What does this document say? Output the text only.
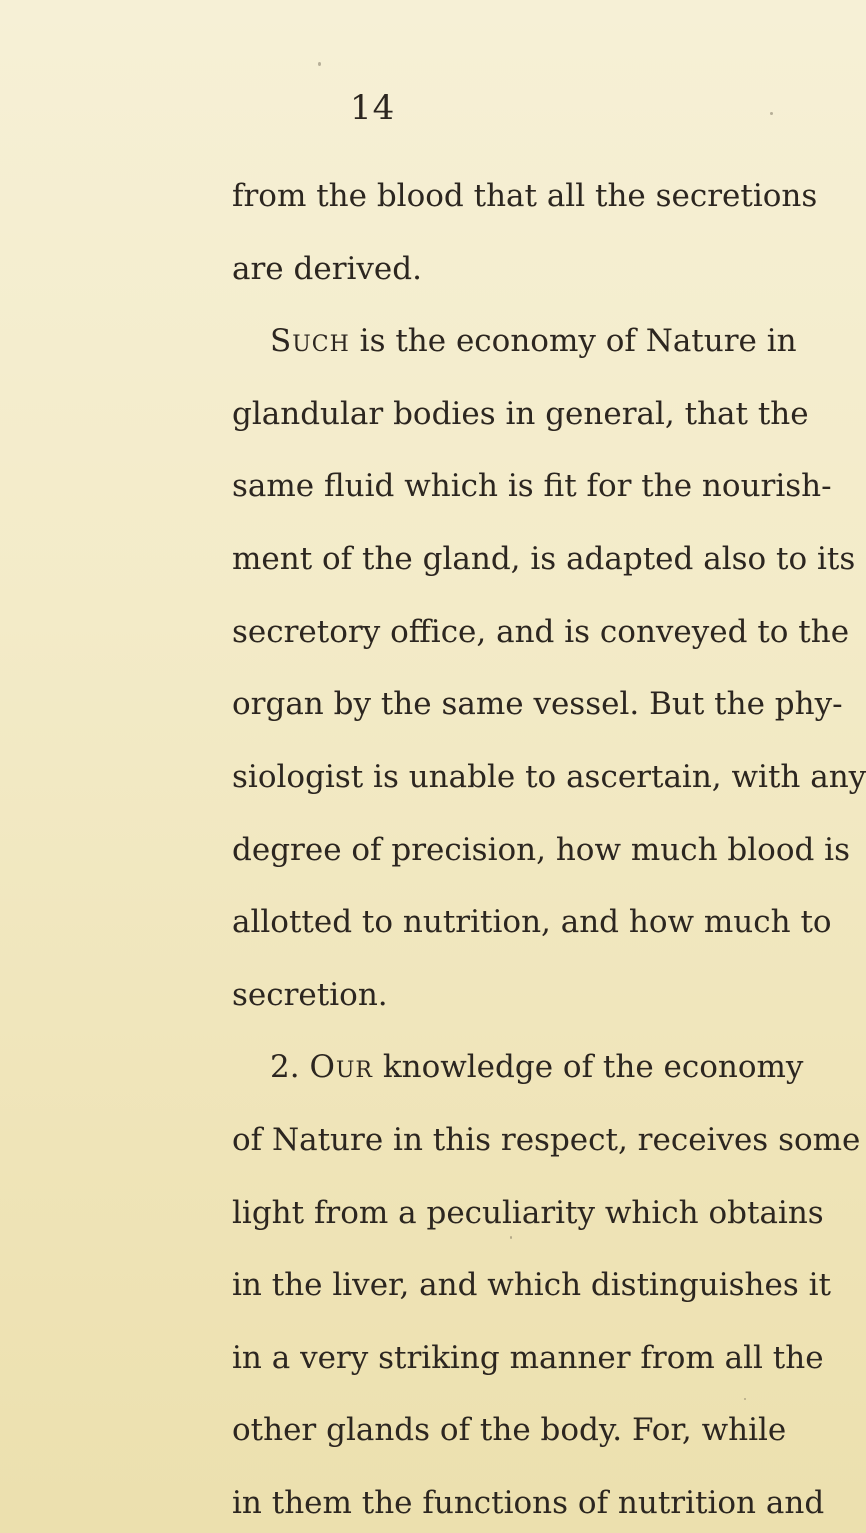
14
from the blood that all the secretions
are derived.
Such is the economy of Nature in
glandular bodies in general, that the
same fluid which is fit for the nourish-
ment of the gland, is adapted also to its
secretory office, and is conveyed to the
organ by the same vessel. But the phy-
siologist is unable to ascertain, with any
degree of precision, how much blood is
allotted to nutrition, and how much to
secretion.
2. Our knowledge of the economy
of Nature in this respect, receives some
light from a peculiarity which obtains
in the liver, and which distinguishes it
in a very striking manner from all the
other glands of the body. For, while
in them the functions of nutrition and
